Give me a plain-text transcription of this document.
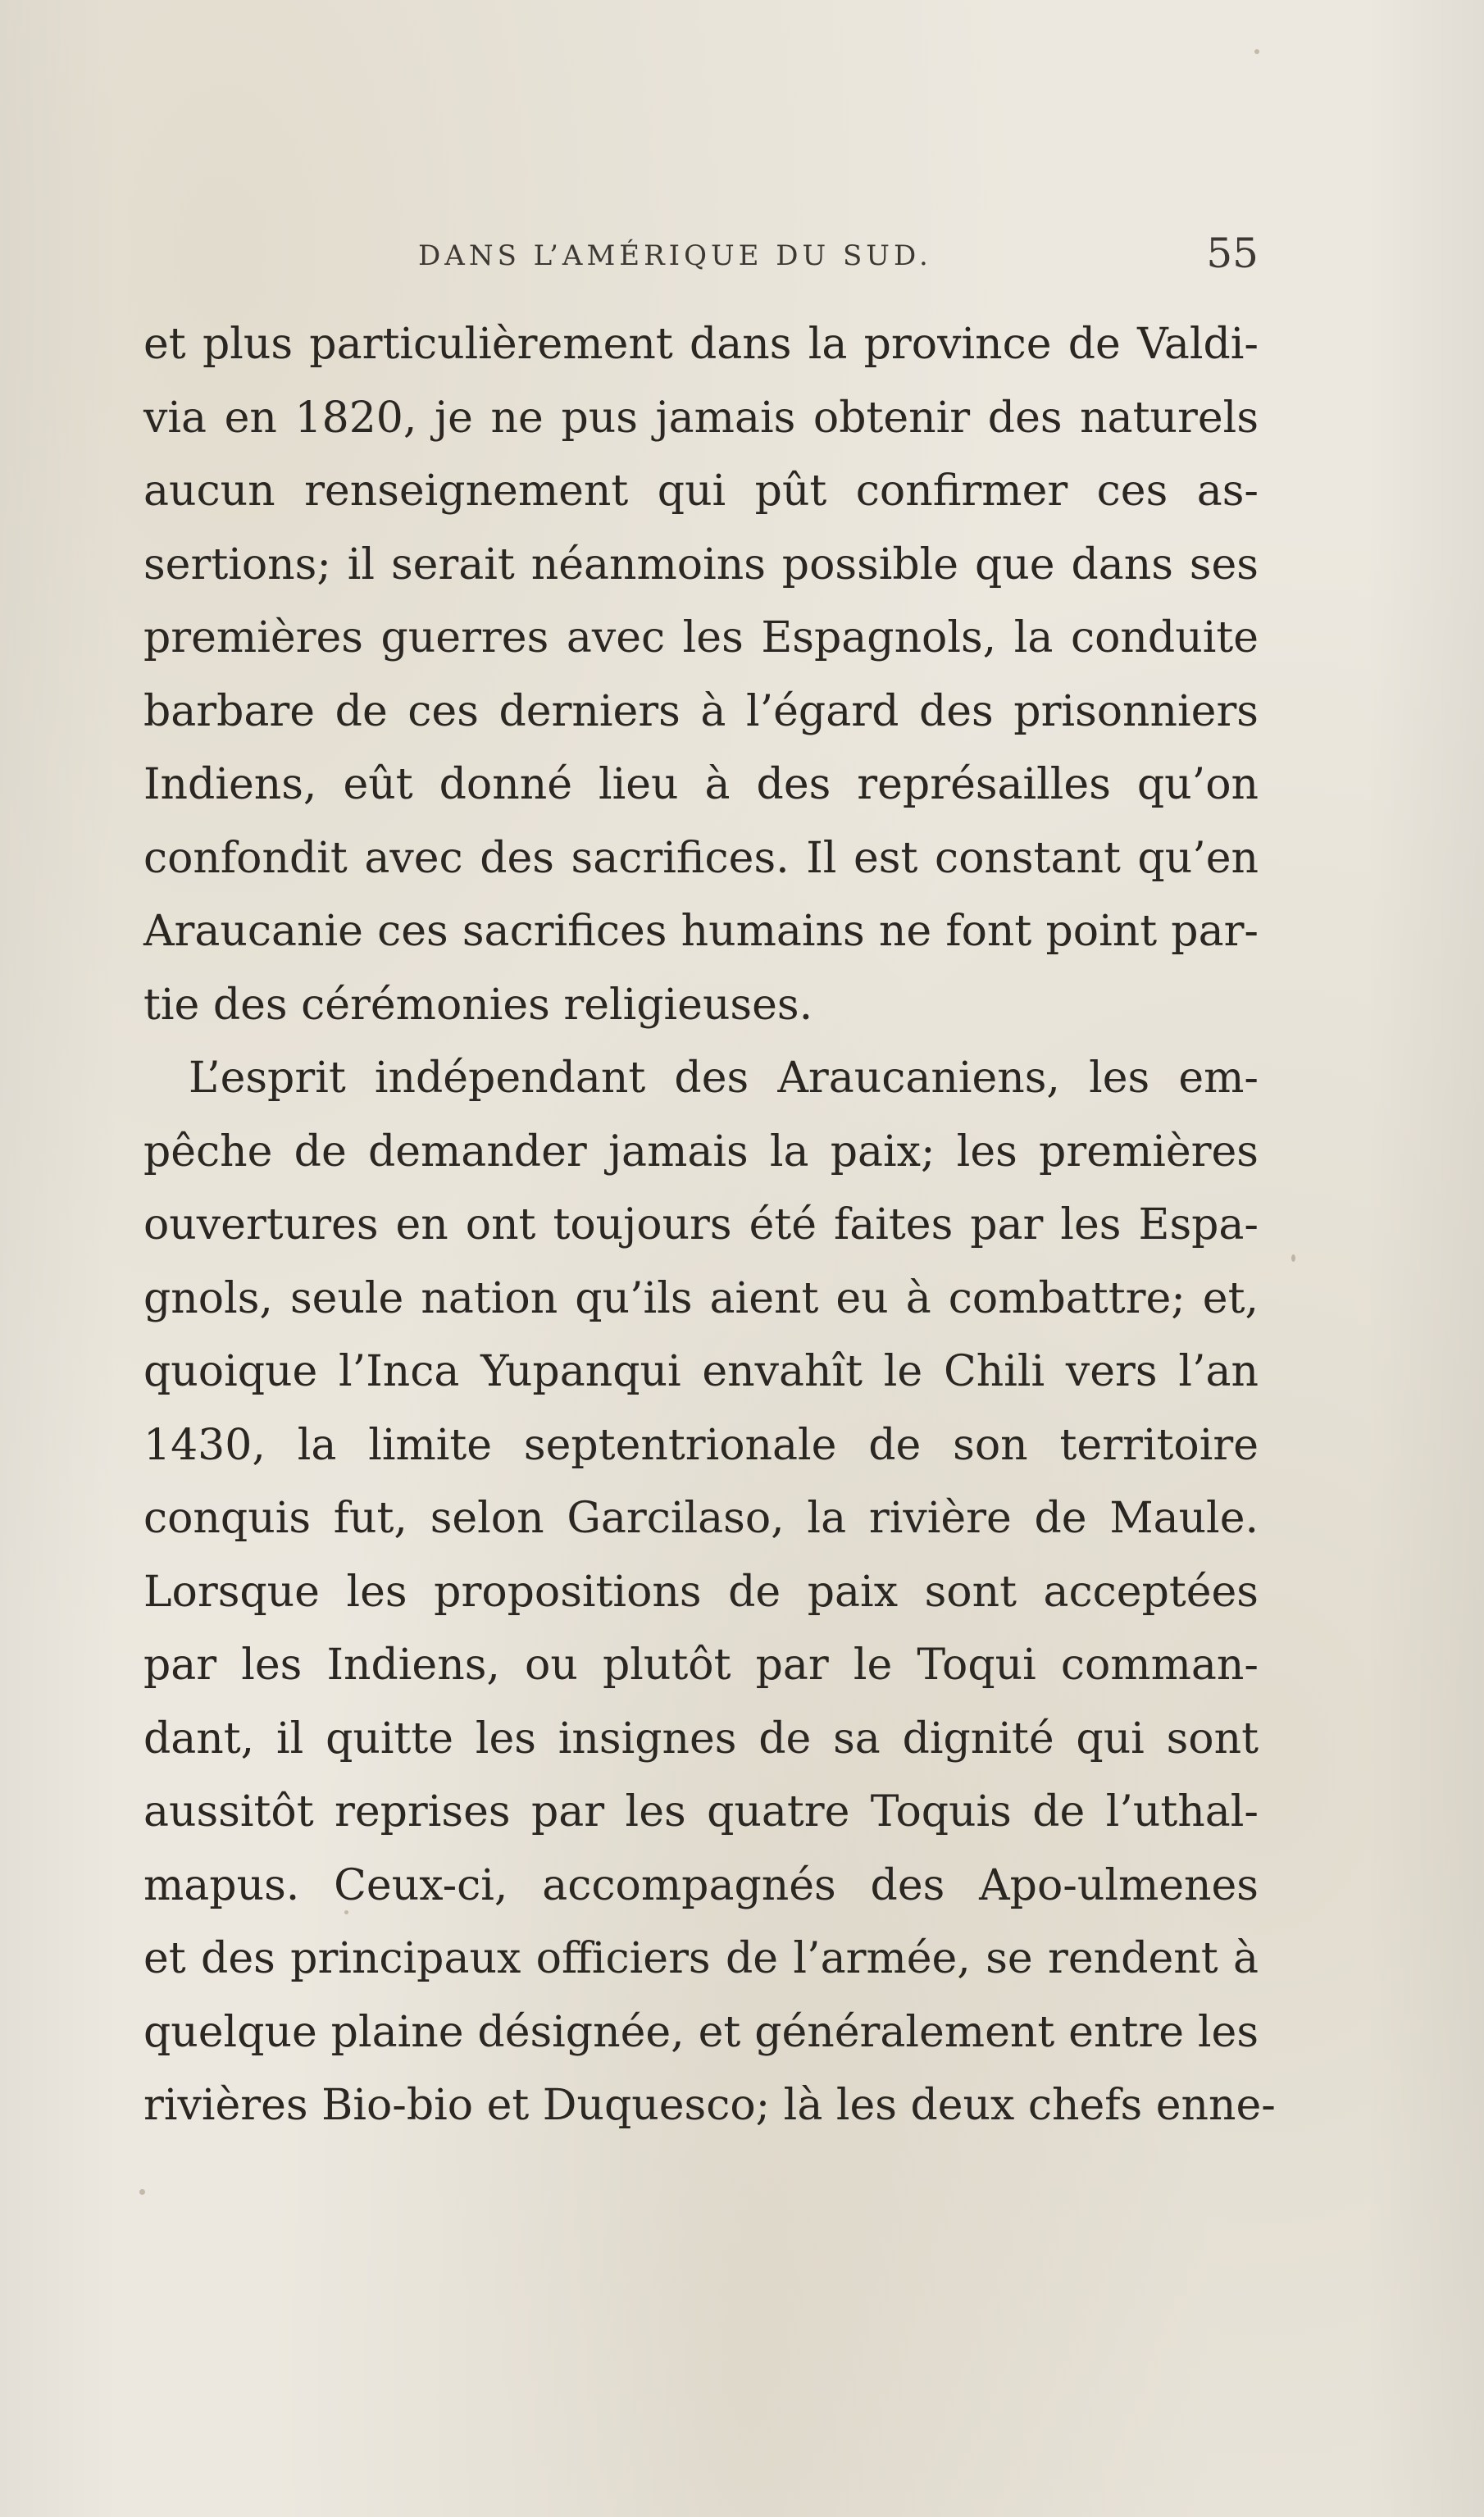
DANS L’AMÉRIQUE DU SUD.	55
et plus particulièrement dans la province de Valdi-
via en 1820, je ne pus jamais obtenir des naturels
aucun renseignement qui pût confirmer ces as-
sertions; il serait néanmoins possible que dans ses
premières guerres avec les Espagnols, la conduite
barbare de ces derniers à l’égard des prisonniers
Indiens, eût donné lieu à des représailles qu’on
confondit avec des sacrifices. Il est constant qu’en
Araucanie ces sacrifices humains ne font point par-
tie des cérémonies religieuses.
L’esprit indépendant des Araucaniens, les em-
pêche de demander jamais la paix; les premières
ouvertures en ont toujours été faites par les Espa-
gnols, seule nation qu’ils aient eu à combattre; et,
quoique l’Inca Yupanqui envahît le Chili vers l’an
1430, la limite septentrionale de son territoire
conquis fut, selon Garcilaso, la rivière de Maule.
Lorsque les propositions de paix sont acceptées
par les Indiens, ou plutôt par le Toqui comman-
dant, il quitte les insignes de sa dignité qui sont
aussitôt reprises par les quatre Toquis de l’uthal-
mapus. Ceux-ci, accompagnés des Apo-ulmenes
et des principaux officiers de l’armée, se rendent à
quelque plaine désignée, et généralement entre les
rivières Bio-bio et Duquesco; là les deux chefs enne-
